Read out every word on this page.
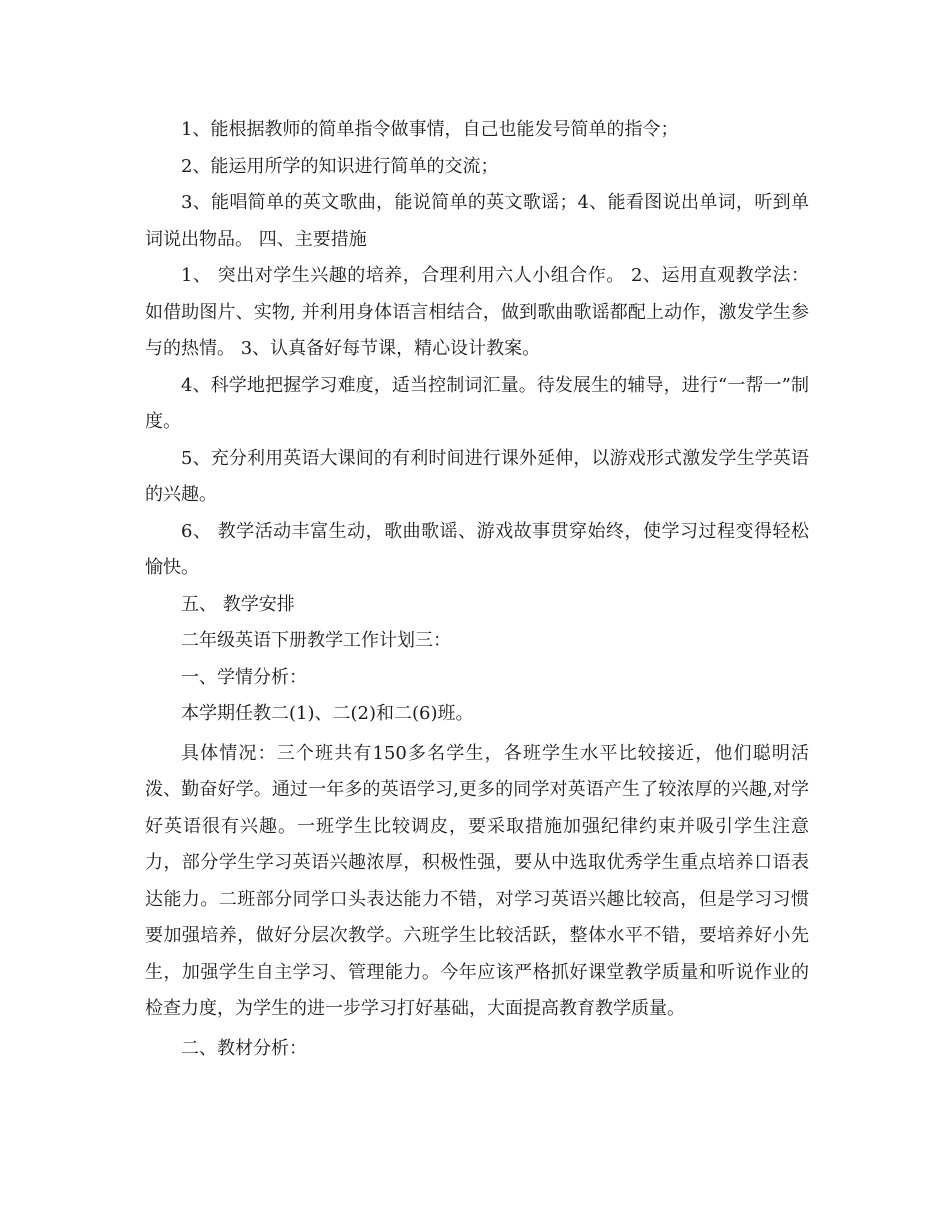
1、能根据教师的简单指令做事情，自己也能发号简单的指令；

2、能运用所学的知识进行简单的交流；

3、能唱简单的英文歌曲，能说简单的英文歌谣；4、能看图说出单词，听到单词说出物品。 四、主要措施

1、 突出对学生兴趣的培养，合理利用六人小组合作。 2、运用直观教学法：如借助图片、实物, 并利用身体语言相结合，做到歌曲歌谣都配上动作，激发学生参与的热情。 3、认真备好每节课，精心设计教案。

4、科学地把握学习难度，适当控制词汇量。待发展生的辅导，进行“一帮一”制度。

5、充分利用英语大课间的有利时间进行课外延伸，以游戏形式激发学生学英语的兴趣。

6、 教学活动丰富生动，歌曲歌谣、游戏故事贯穿始终，使学习过程变得轻松愉快。

五、 教学安排

二年级英语下册教学工作计划三：

一、学情分析：

本学期任教二(1)、二(2)和二(6)班。

具体情况：三个班共有150多名学生，各班学生水平比较接近，他们聪明活泼、勤奋好学。通过一年多的英语学习,更多的同学对英语产生了较浓厚的兴趣,对学好英语很有兴趣。一班学生比较调皮，要采取措施加强纪律约束并吸引学生注意力，部分学生学习英语兴趣浓厚，积极性强，要从中选取优秀学生重点培养口语表达能力。二班部分同学口头表达能力不错，对学习英语兴趣比较高，但是学习习惯要加强培养，做好分层次教学。六班学生比较活跃，整体水平不错，要培养好小先生，加强学生自主学习、管理能力。今年应该严格抓好课堂教学质量和听说作业的检查力度，为学生的进一步学习打好基础，大面提高教育教学质量。

二、教材分析：
